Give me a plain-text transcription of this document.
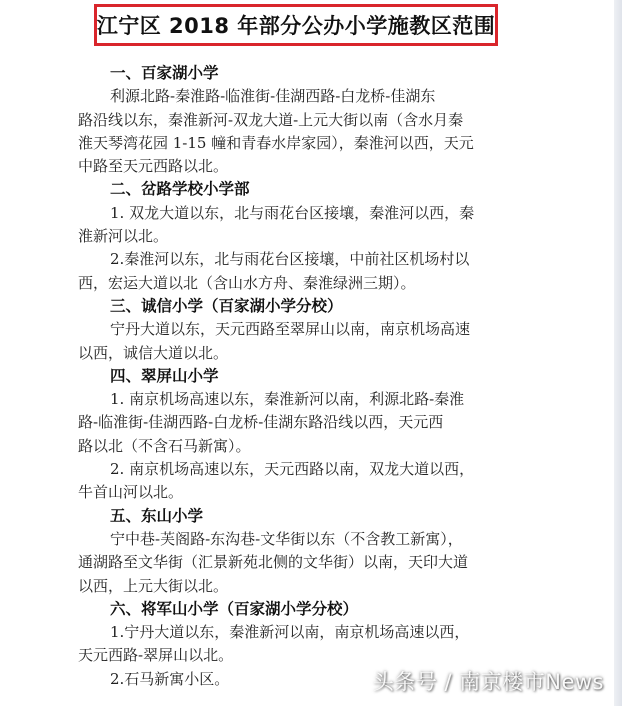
江宁区 2018 年部分公办小学施教区范围
一、百家湖小学
利源北路-秦淮路-临淮街-佳湖西路-白龙桥-佳湖东
路沿线以东，秦淮新河-双龙大道-上元大街以南（含水月秦
淮天琴湾花园 1-15 幢和青春水岸家园），秦淮河以西，天元
中路至天元西路以北。
二、岔路学校小学部
1. 双龙大道以东，北与雨花台区接壤，秦淮河以西，秦
淮新河以北。
2.秦淮河以东，北与雨花台区接壤，中前社区机场村以
西，宏运大道以北（含山水方舟、秦淮绿洲三期）。
三、诚信小学（百家湖小学分校）
宁丹大道以东，天元西路至翠屏山以南，南京机场高速
以西，诚信大道以北。
四、翠屏山小学
1. 南京机场高速以东，秦淮新河以南，利源北路-秦淮
路-临淮街-佳湖西路-白龙桥-佳湖东路沿线以西，天元西
路以北（不含石马新寓）。
2. 南京机场高速以东，天元西路以南，双龙大道以西，
牛首山河以北。
五、东山小学
宁中巷-芙阁路-东沟巷-文华街以东（不含教工新寓），
通湖路至文华街（汇景新苑北侧的文华街）以南，天印大道
以西，上元大街以北。
六、将军山小学（百家湖小学分校）
1.宁丹大道以东，秦淮新河以南，南京机场高速以西，
天元西路-翠屏山以北。
2.石马新寓小区。	头条号 / 南京楼市News
